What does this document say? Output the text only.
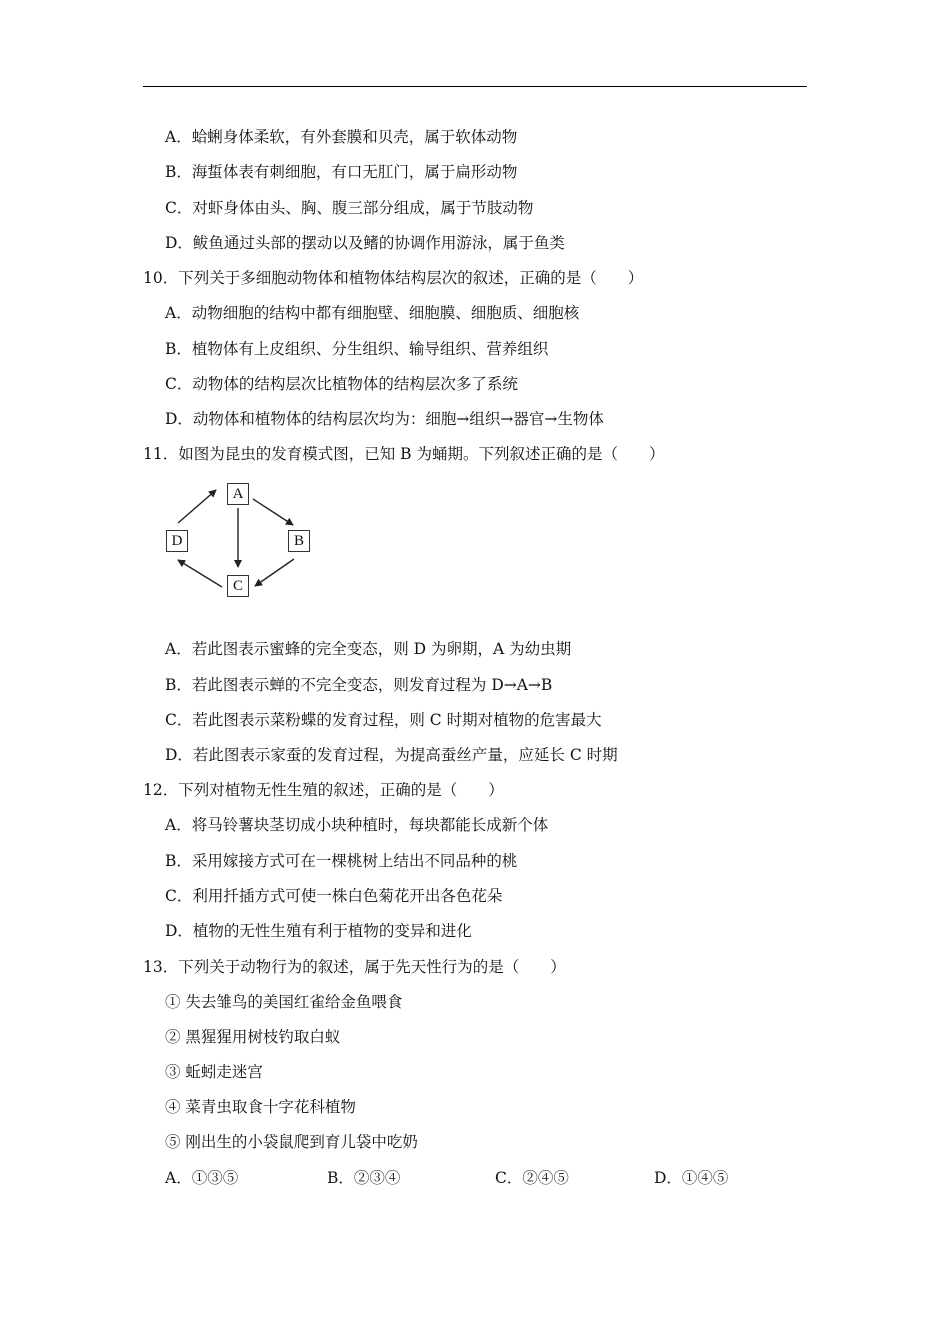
A．蛤蜊身体柔软，有外套膜和贝壳，属于软体动物
B．海蜇体表有刺细胞，有口无肛门，属于扁形动物
C．对虾身体由头、胸、腹三部分组成，属于节肢动物
D．鲅鱼通过头部的摆动以及鳍的协调作用游泳，属于鱼类
10．下列关于多细胞动物体和植物体结构层次的叙述，正确的是（　　）
A．动物细胞的结构中都有细胞壁、细胞膜、细胞质、细胞核
B．植物体有上皮组织、分生组织、输导组织、营养组织
C．动物体的结构层次比植物体的结构层次多了系统
D．动物体和植物体的结构层次均为：细胞→组织→器官→生物体
11．如图为昆虫的发育模式图，已知 B 为蛹期。下列叙述正确的是（　　）
A
B
C
D
A．若此图表示蜜蜂的完全变态，则 D 为卵期，A 为幼虫期
B．若此图表示蝉的不完全变态，则发育过程为 D→A→B
C．若此图表示菜粉蝶的发育过程，则 C 时期对植物的危害最大
D．若此图表示家蚕的发育过程，为提高蚕丝产量，应延长 C 时期
12．下列对植物无性生殖的叙述，正确的是（　　）
A．将马铃薯块茎切成小块种植时，每块都能长成新个体
B．采用嫁接方式可在一棵桃树上结出不同品种的桃
C．利用扦插方式可使一株白色菊花开出各色花朵
D．植物的无性生殖有利于植物的变异和进化
13．下列关于动物行为的叙述，属于先天性行为的是（　　）
① 失去雏鸟的美国红雀给金鱼喂食
② 黑猩猩用树枝钓取白蚁
③ 蚯蚓走迷宫
④ 菜青虫取食十字花科植物
⑤ 刚出生的小袋鼠爬到育儿袋中吃奶
A．①③⑤	B．②③④	C．②④⑤	D．①④⑤
